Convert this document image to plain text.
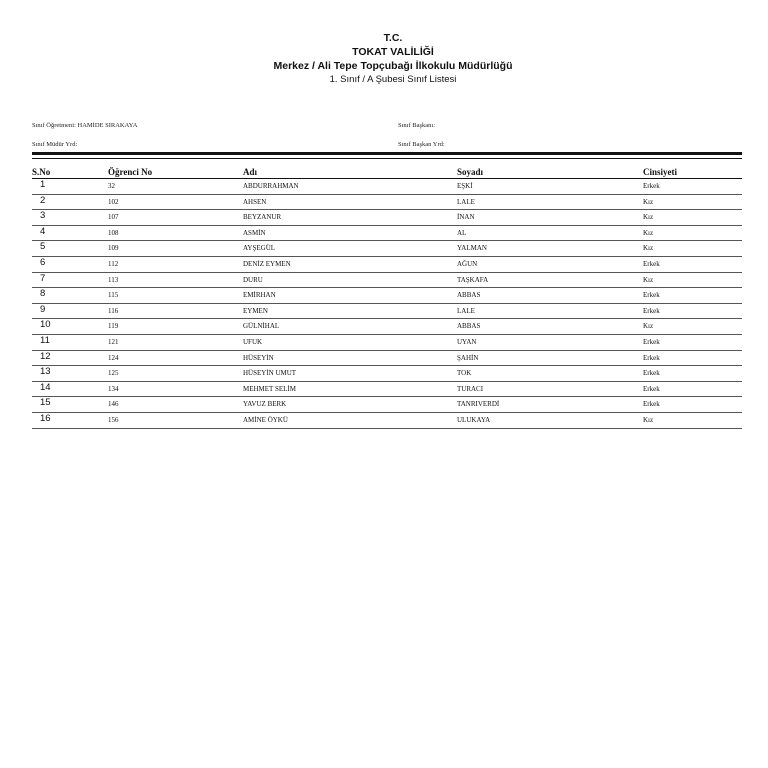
T.C.
TOKAT VALİLİĞİ
Merkez / Ali Tepe Topçubağı İlkokulu Müdürlüğü
1. Sınıf / A Şubesi Sınıf Listesi
Sınıf Öğretmeni: HAMİDE SIRAKAYA
Sınıf Müdür Yrd:
Sınıf Başkanı:
Sınıf Başkan Yrd:
S.No	Öğrenci No	Adı	Soyadı	Cinsiyeti
1	32	ABDURRAHMAN	EŞKİ	Erkek
2	102	AHSEN	LALE	Kız
3	107	BEYZANUR	İNAN	Kız
4	108	ASMİN	AL	Kız
5	109	AYŞEGÜL	YALMAN	Kız
6	112	DENİZ EYMEN	AĞUN	Erkek
7	113	DURU	TAŞKAFA	Kız
8	115	EMİRHAN	ABBAS	Erkek
9	116	EYMEN	LALE	Erkek
10	119	GÜLNİHAL	ABBAS	Kız
11	121	UFUK	UYAN	Erkek
12	124	HÜSEYİN	ŞAHİN	Erkek
13	125	HÜSEYİN UMUT	TOK	Erkek
14	134	MEHMET SELİM	TURACI	Erkek
15	146	YAVUZ BERK	TANRIVERDİ	Erkek
16	156	AMİNE ÖYKÜ	ULUKAYA	Kız
